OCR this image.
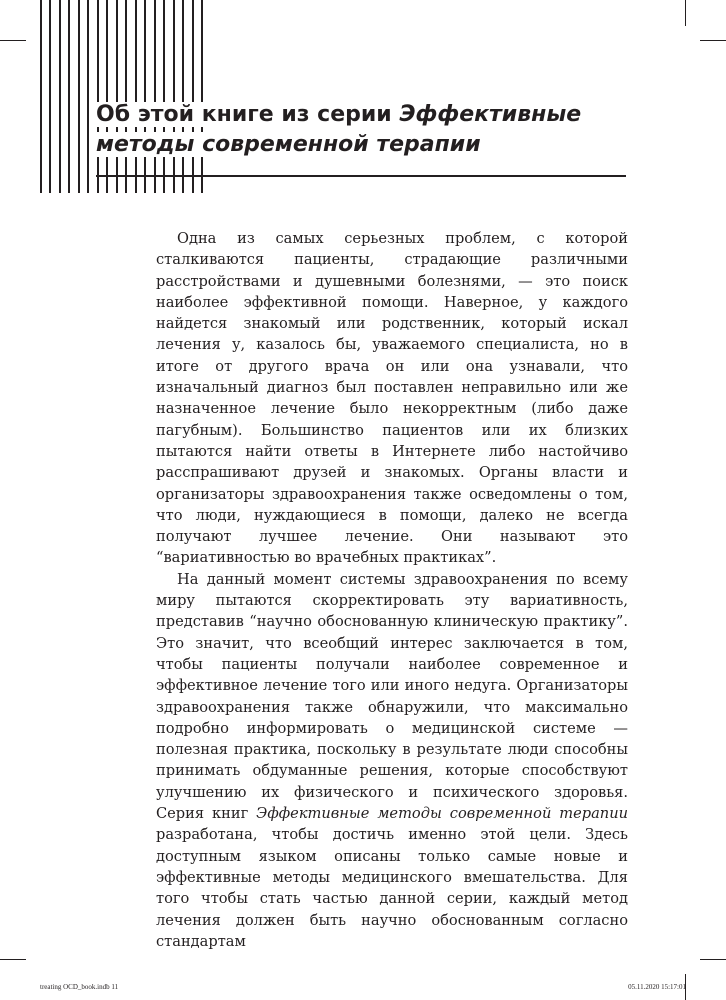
Об этой книге из серии Эффективные
методы современной терапии

Одна из самых серьезных проблем, с которой сталкиваются пациенты, страдающие различными расстройствами и душевными болезнями, — это поиск наиболее эффективной помощи. Наверное, у каждого найдется знакомый или родственник, который искал лечения у, казалось бы, уважаемого специалиста, но в итоге от другого врача он или она узнавали, что изначальный диагноз был поставлен неправильно или же назначенное лечение было некорректным (либо даже пагубным). Большинство пациентов или их близких пытаются найти ответы в Интернете либо настойчиво расспрашивают друзей и знакомых. Органы власти и организаторы здравоохранения также осведомлены о том, что люди, нуждающиеся в помощи, далеко не всегда получают лучшее лечение. Они называют это “вариативностью во врачебных практиках”.

На данный момент системы здравоохранения по всему миру пытаются скорректировать эту вариативность, представив “научно обоснованную клиническую практику”. Это значит, что всеобщий интерес заключается в том, чтобы пациенты получали наиболее современное и эффективное лечение того или иного недуга. Организаторы здравоохранения также обнаружили, что максимально подробно информировать о медицинской системе — полезная практика, поскольку в результате люди способны принимать обдуманные решения, которые способствуют улучшению их физического и психического здоровья. Серия книг Эффективные методы современной терапии разработана, чтобы достичь именно этой цели. Здесь доступным языком описаны только самые новые и эффективные методы медицинского вмешательства. Для того чтобы стать частью данной серии, каждый метод лечения должен быть научно обоснованным согласно стандартам

treating OCD_book.indb 11	05.11.2020 15:17:01
